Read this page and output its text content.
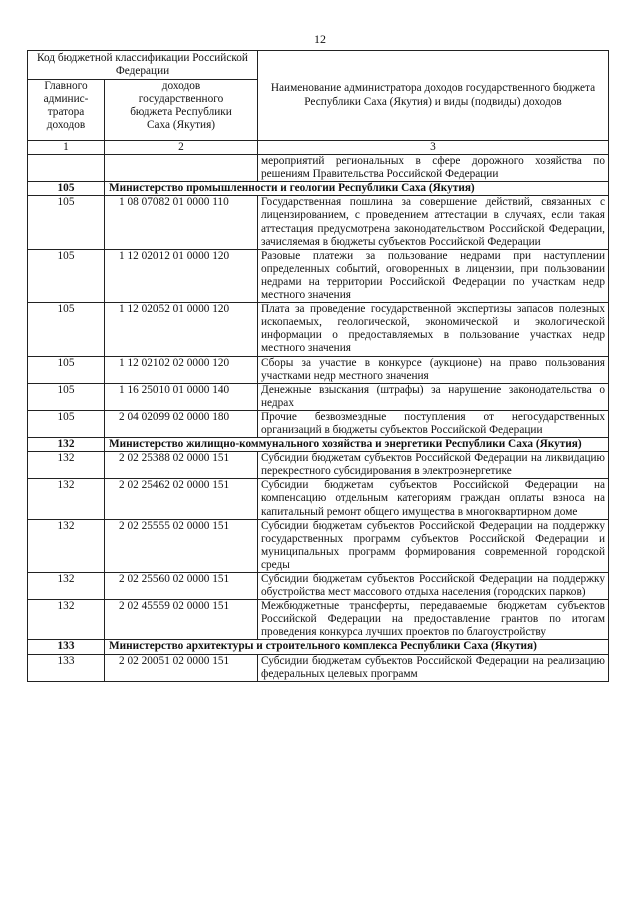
12
Код бюджетной классификации Российской Федерации		Наименование администратора доходов государственного бюджета Республики Саха (Якутия) и виды (подвиды) доходов
Главного админис-тратора доходов	доходов государственного бюджета Республики Саха (Якутия)	
1	2	3
		мероприятий региональных в сфере дорожного хозяйства по решениям Правительства Российской Федерации
105	Министерство промышленности и геологии Республики Саха (Якутия)	
105	1 08 07082 01 0000 110	Государственная пошлина за совершение действий, связанных с лицензированием, с проведением аттестации в случаях, если такая аттестация предусмотрена законодательством Российской Федерации, зачисляемая в бюджеты субъектов Российской Федерации
105	1 12 02012 01 0000 120	Разовые платежи за пользование недрами при наступлении определенных событий, оговоренных в лицензии, при пользовании недрами на территории Российской Федерации по участкам недр местного значения
105	1 12 02052 01 0000 120	Плата за проведение государственной экспертизы запасов полезных ископаемых, геологической, экономической и экологической информации о предоставляемых в пользование участках недр местного значения
105	1 12 02102 02 0000 120	Сборы за участие в конкурсе (аукционе) на право пользования участками недр местного значения
105	1 16 25010 01 0000 140	Денежные взыскания (штрафы) за нарушение законодательства о недрах
105	2 04 02099 02 0000 180	Прочие безвозмездные поступления от негосударственных организаций в бюджеты субъектов Российской Федерации
132	Министерство жилищно-коммунального хозяйства и энергетики Республики Саха (Якутия)	
132	2 02 25388 02 0000 151	Субсидии бюджетам субъектов Российской Федерации на ликвидацию перекрестного субсидирования в электроэнергетике
132	2 02 25462 02 0000 151	Субсидии бюджетам субъектов Российской Федерации на компенсацию отдельным категориям граждан оплаты взноса на капитальный ремонт общего имущества в многоквартирном доме
132	2 02 25555 02 0000 151	Субсидии бюджетам субъектов Российской Федерации на поддержку государственных программ субъектов Российской Федерации и муниципальных программ формирования современной городской среды
132	2 02 25560 02 0000 151	Субсидии бюджетам субъектов Российской Федерации на поддержку обустройства мест массового отдыха населения (городских парков)
132	2 02 45559 02 0000 151	Межбюджетные трансферты, передаваемые бюджетам субъектов Российской Федерации на предоставление грантов по итогам проведения конкурса лучших проектов по благоустройству
133	Министерство архитектуры и строительного комплекса Республики Саха (Якутия)	
133	2 02 20051 02 0000 151	Субсидии бюджетам субъектов Российской Федерации на реализацию федеральных целевых программ
